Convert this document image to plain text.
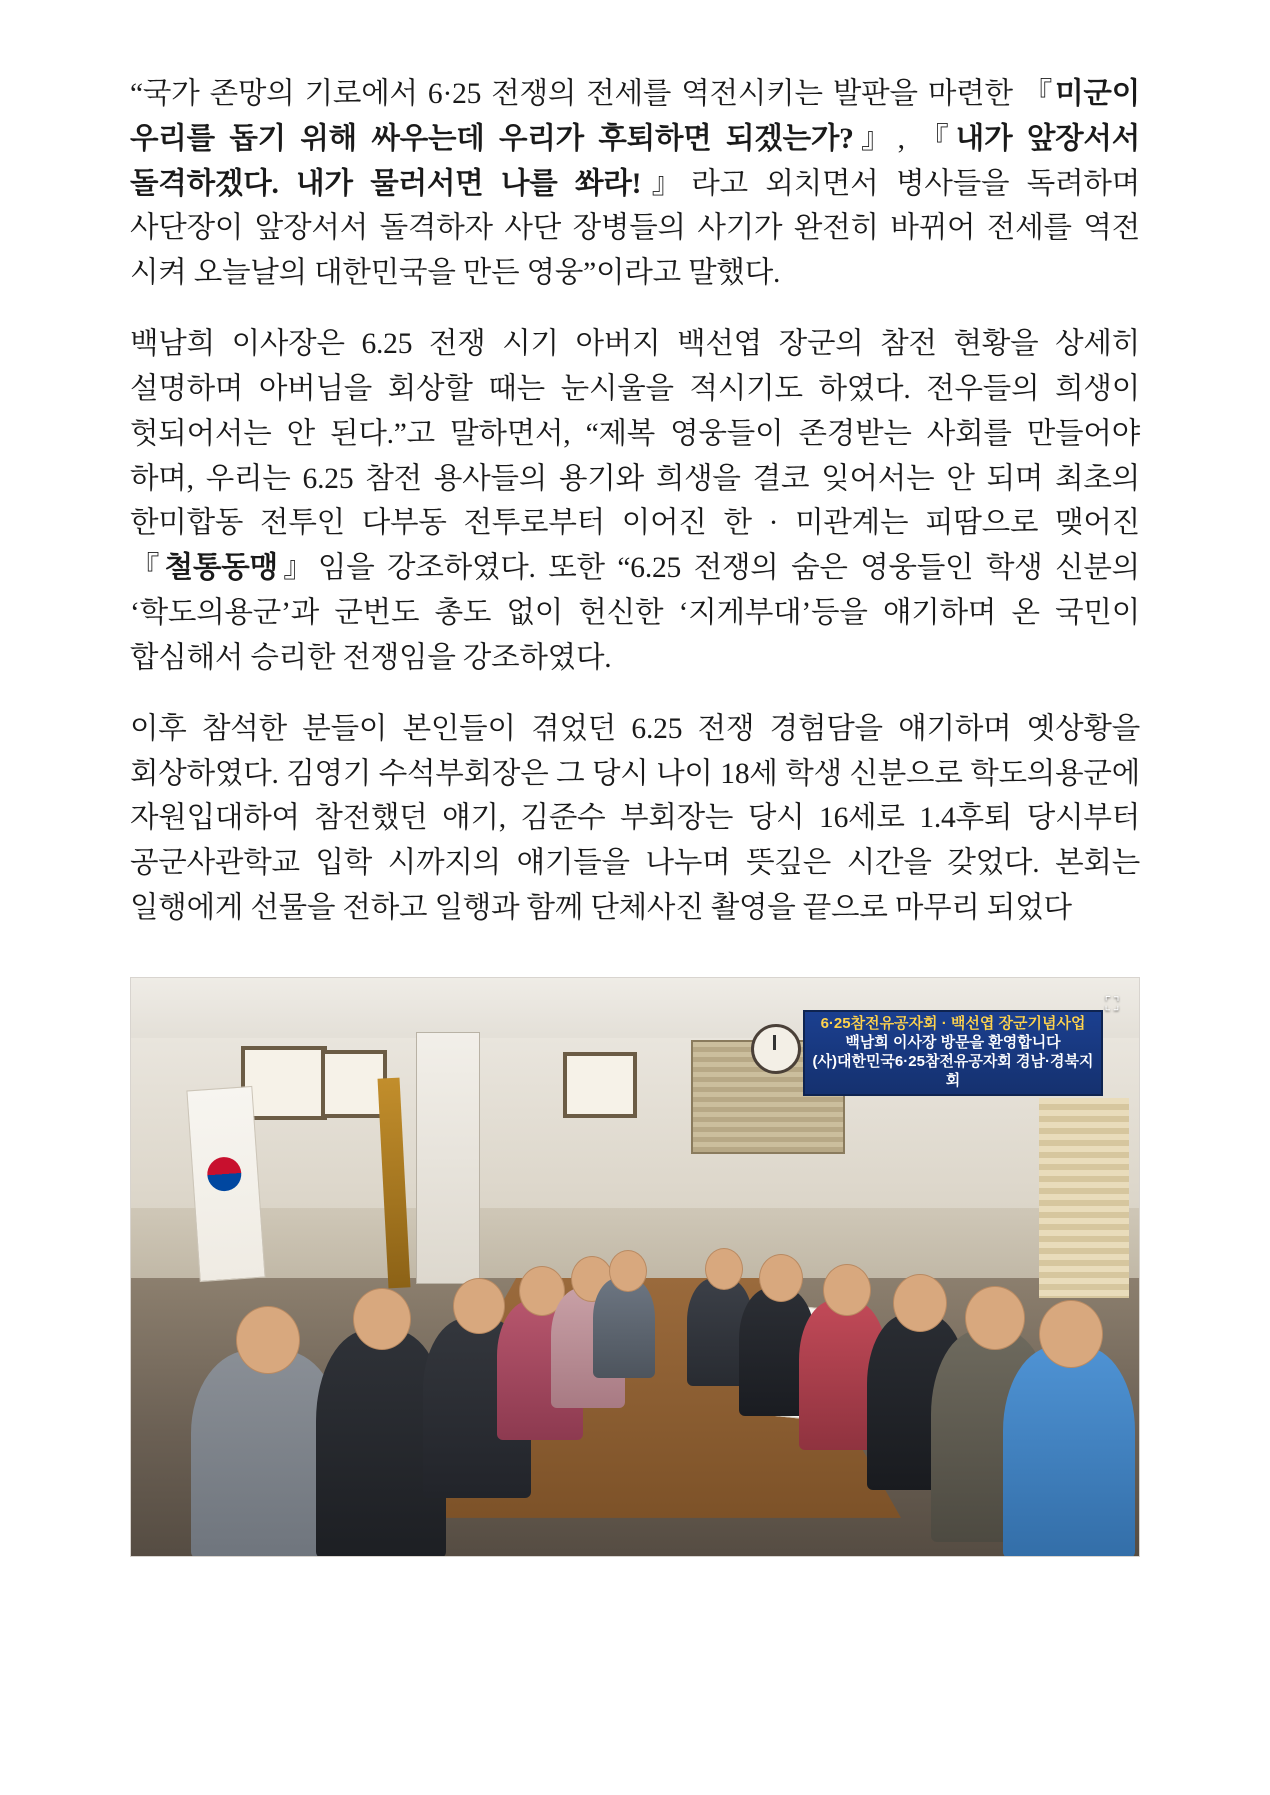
“국가 존망의 기로에서 6·25 전쟁의 전세를 역전시키는 발판을 마련한 『미군이 우리를 돕기 위해 싸우는데 우리가 후퇴하면 되겠는가?』, 『내가 앞장서서 돌격하겠다. 내가 물러서면 나를 쏴라!』라고 외치면서 병사들을 독려하며 사단장이 앞장서서 돌격하자 사단 장병들의 사기가 완전히 바뀌어 전세를 역전 시켜 오늘날의 대한민국을 만든 영웅”이라고 말했다.

백남희 이사장은 6.25 전쟁 시기 아버지 백선엽 장군의 참전 현황을 상세히 설명하며 아버님을 회상할 때는 눈시울을 적시기도 하였다. 전우들의 희생이 헛되어서는 안 된다.”고 말하면서, “제복 영웅들이 존경받는 사회를 만들어야 하며, 우리는 6.25 참전 용사들의 용기와 희생을 결코 잊어서는 안 되며 최초의 한미합동 전투인 다부동 전투로부터 이어진 한 · 미관계는 피땀으로 맺어진 『철통동맹』임을 강조하였다. 또한 “6.25 전쟁의 숨은 영웅들인 학생 신분의 ‘학도의용군’과 군번도 총도 없이 헌신한 ‘지게부대’등을 얘기하며 온 국민이 합심해서 승리한 전쟁임을 강조하였다.

이후 참석한 분들이 본인들이 겪었던 6.25 전쟁 경험담을 얘기하며 옛상황을 회상하였다. 김영기 수석부회장은 그 당시 나이 18세 학생 신분으로 학도의용군에 자원입대하여 참전했던 얘기, 김준수 부회장는 당시 16세로 1.4후퇴 당시부터 공군사관학교 입학 시까지의 얘기들을 나누며 뜻깊은 시간을 갖었다. 본회는 일행에게 선물을 전하고 일행과 함께 단체사진 촬영을 끝으로 마무리 되었다

6·25참전유공자회 · 백선엽 장군기념사업
백남희 이사장 방문을 환영합니다
(사)대한민국6·25참전유공자회 경남·경북지회
⛶
